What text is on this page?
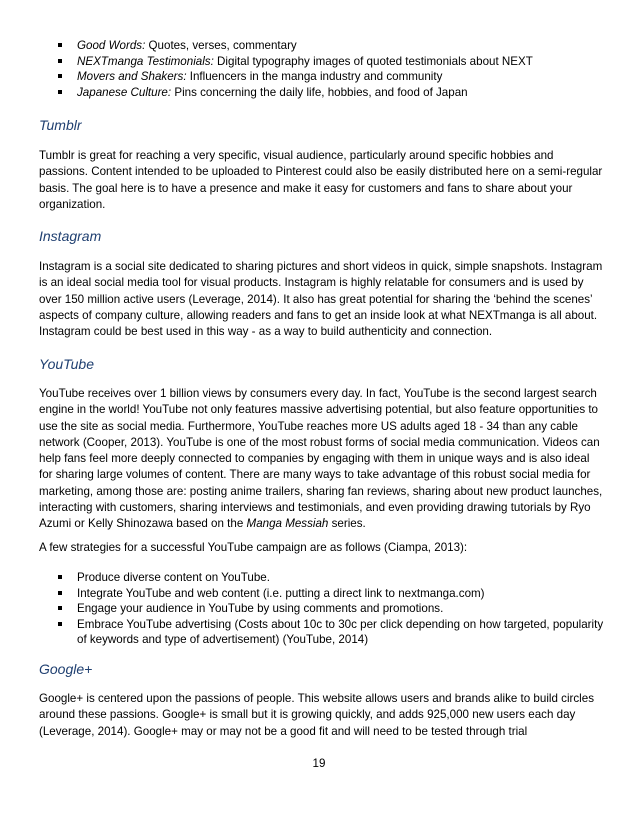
Good Words: Quotes, verses, commentary
NEXTmanga Testimonials: Digital typography images of quoted testimonials about NEXT
Movers and Shakers: Influencers in the manga industry and community
Japanese Culture: Pins concerning the daily life, hobbies, and food of Japan
Tumblr

Tumblr is great for reaching a very specific, visual audience, particularly around specific hobbies and passions. Content intended to be uploaded to Pinterest could also be easily distributed here on a semi-regular basis. The goal here is to have a presence and make it easy for customers and fans to share about your organization.

Instagram

Instagram is a social site dedicated to sharing pictures and short videos in quick, simple snapshots. Instagram is an ideal social media tool for visual products. Instagram is highly relatable for consumers and is used by over 150 million active users (Leverage, 2014). It also has great potential for sharing the ‘behind the scenes’ aspects of company culture, allowing readers and fans to get an inside look at what NEXTmanga is all about. Instagram could be best used in this way - as a way to build authenticity and connection.

YouTube

YouTube receives over 1 billion views by consumers every day. In fact, YouTube is the second largest search engine in the world! YouTube not only features massive advertising potential, but also feature opportunities to use the site as social media. Furthermore, YouTube reaches more US adults aged 18 - 34 than any cable network (Cooper, 2013). YouTube is one of the most robust forms of social media communication. Videos can help fans feel more deeply connected to companies by engaging with them in unique ways and is also ideal for sharing large volumes of content. There are many ways to take advantage of this robust social media for marketing, among those are: posting anime trailers, sharing fan reviews, sharing about new product launches, interacting with customers, sharing interviews and testimonials, and even providing drawing tutorials by Ryo Azumi or Kelly Shinozawa based on the Manga Messiah series.

A few strategies for a successful YouTube campaign are as follows (Ciampa, 2013):

Produce diverse content on YouTube.
Integrate YouTube and web content (i.e. putting a direct link to nextmanga.com)
Engage your audience in YouTube by using comments and promotions.
Embrace YouTube advertising (Costs about 10c to 30c per click depending on how targeted, popularity of keywords and type of advertisement) (YouTube, 2014)
Google+

Google+ is centered upon the passions of people. This website allows users and brands alike to build circles around these passions. Google+ is small but it is growing quickly, and adds 925,000 new users each day (Leverage, 2014). Google+ may or may not be a good fit and will need to be tested through trial

19
